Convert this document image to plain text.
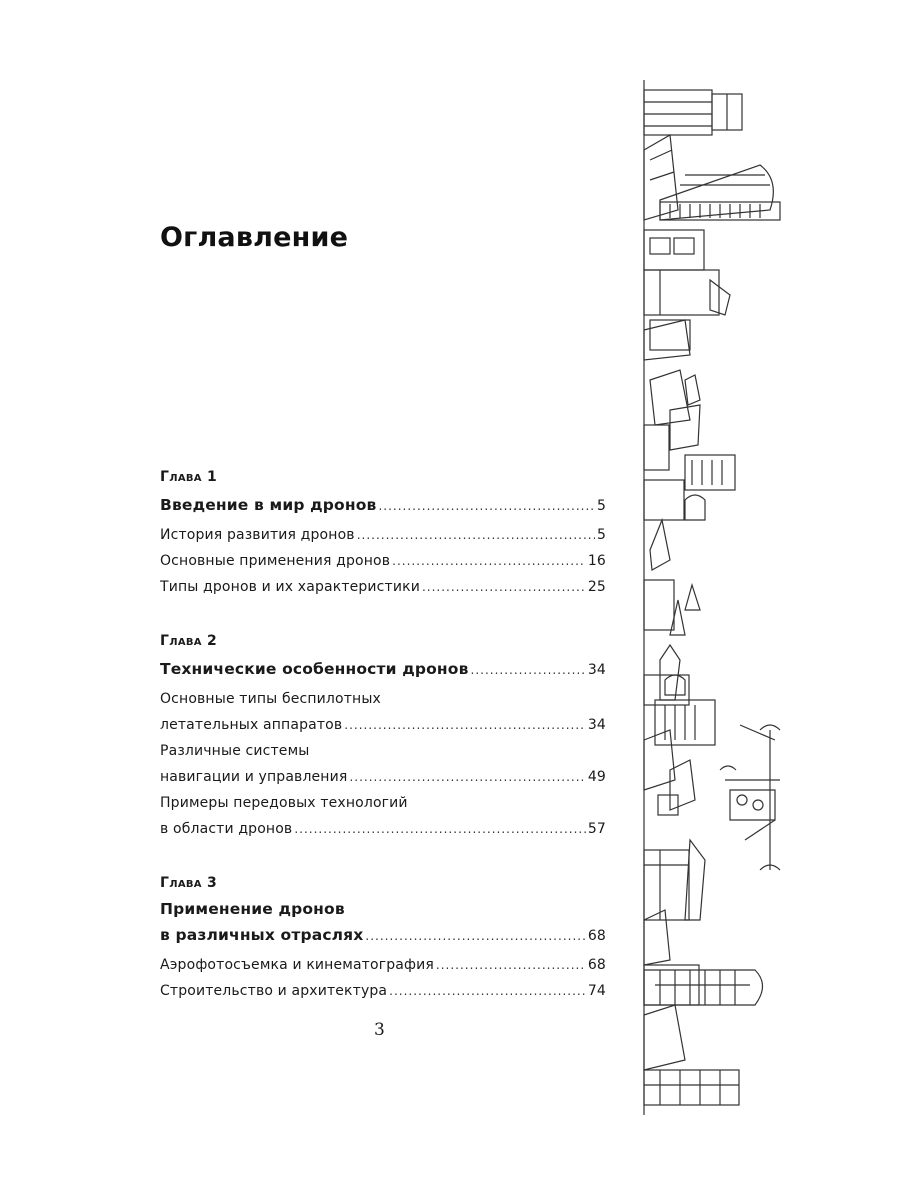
Оглавление
Глава 1
Введение в мир дронов .....	5
История развития дронов .....	5
Основные применения дронов .....	16
Типы дронов и их характеристики .....	25
Глава 2
Технические особенности дронов .....	34
Основные типы беспилотных
летательных аппаратов .....	34
Различные системы
навигации и управления .....	49
Примеры передовых технологий
в области дронов .....	57
Глава 3
Применение дронов
в различных отраслях .....	68
Аэрофотосъемка и кинематография .....	68
Строительство и архитектура .....	74
3
